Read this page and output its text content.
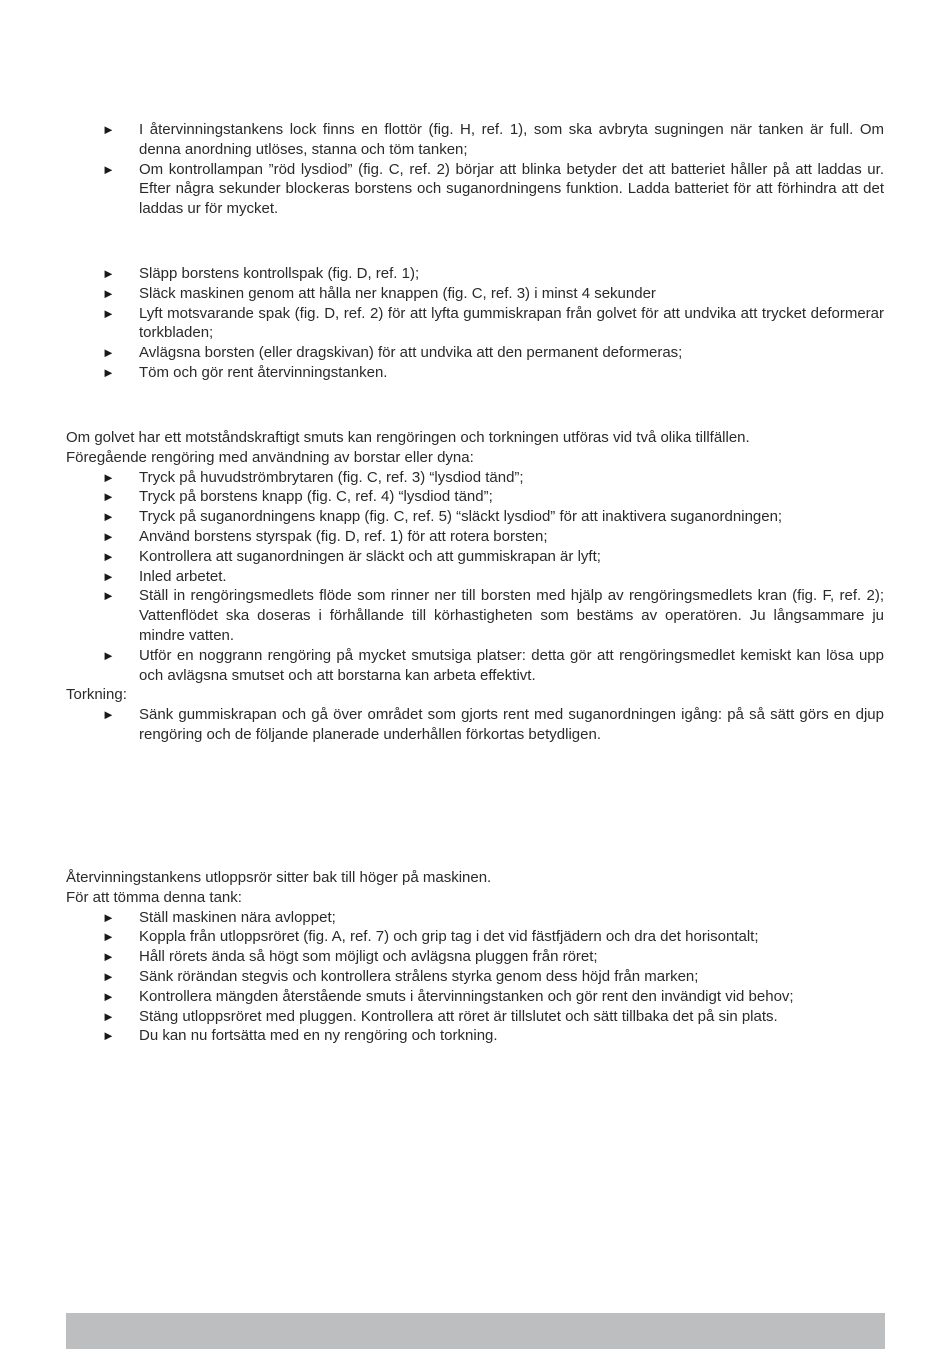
► I återvinningstankens lock finns en flottör (fig. H, ref. 1), som ska avbryta sugningen när tanken är full. Om denna anordning utlöses, stanna och töm tanken;
► Om kontrollampan ”röd lysdiod” (fig. C, ref. 2) börjar att blinka betyder det att batteriet håller på att laddas ur. Efter några sekunder blockeras borstens och suganordningens funktion. Ladda batteriet för att förhindra att det laddas ur för mycket.
► Släpp borstens kontrollspak (fig. D, ref. 1);
► Släck maskinen genom att hålla ner knappen (fig. C, ref. 3) i minst 4 sekunder
► Lyft motsvarande spak (fig. D, ref. 2) för att lyfta gummiskrapan från golvet för att undvika att trycket deformerar torkbladen;
► Avlägsna borsten (eller dragskivan) för att undvika att den permanent deformeras;
► Töm och gör rent återvinningstanken.
Om golvet har ett motståndskraftigt smuts kan rengöringen och torkningen utföras vid två olika tillfällen.
Föregående rengöring med användning av borstar eller dyna:
► Tryck på huvudströmbrytaren (fig. C, ref. 3) “lysdiod tänd”;
► Tryck på borstens knapp (fig. C, ref. 4) “lysdiod tänd”;
► Tryck på suganordningens knapp (fig. C, ref. 5) “släckt lysdiod” för att inaktivera suganordningen;
► Använd borstens styrspak (fig. D, ref. 1) för att rotera borsten;
► Kontrollera att suganordningen är släckt och att gummiskrapan är lyft;
► Inled arbetet.
► Ställ in rengöringsmedlets flöde som rinner ner till borsten med hjälp av rengöringsmedlets kran (fig. F, ref. 2); Vattenflödet ska doseras i förhållande till körhastigheten som bestäms av operatören. Ju långsammare ju mindre vatten.
► Utför en noggrann rengöring på mycket smutsiga platser: detta gör att rengöringsmedlet kemiskt kan lösa upp och avlägsna smutset och att borstarna kan arbeta effektivt.
Torkning:
► Sänk gummiskrapan och gå över området som gjorts rent med suganordningen igång: på så sätt görs en djup rengöring och de följande planerade underhållen förkortas betydligen.
Återvinningstankens utloppsrör sitter bak till höger på maskinen.
För att tömma denna tank:
► Ställ maskinen nära avloppet;
► Koppla från utloppsröret (fig. A, ref. 7) och grip tag i det vid fästfjädern och dra det horisontalt;
► Håll rörets ända så högt som möjligt och avlägsna pluggen från röret;
► Sänk rörändan stegvis och kontrollera strålens styrka genom dess höjd från marken;
► Kontrollera mängden återstående smuts i återvinningstanken och gör rent den invändigt vid behov;
► Stäng utloppsröret med pluggen. Kontrollera att röret är tillslutet och sätt tillbaka det på sin plats.
► Du kan nu fortsätta med en ny rengöring och torkning.
